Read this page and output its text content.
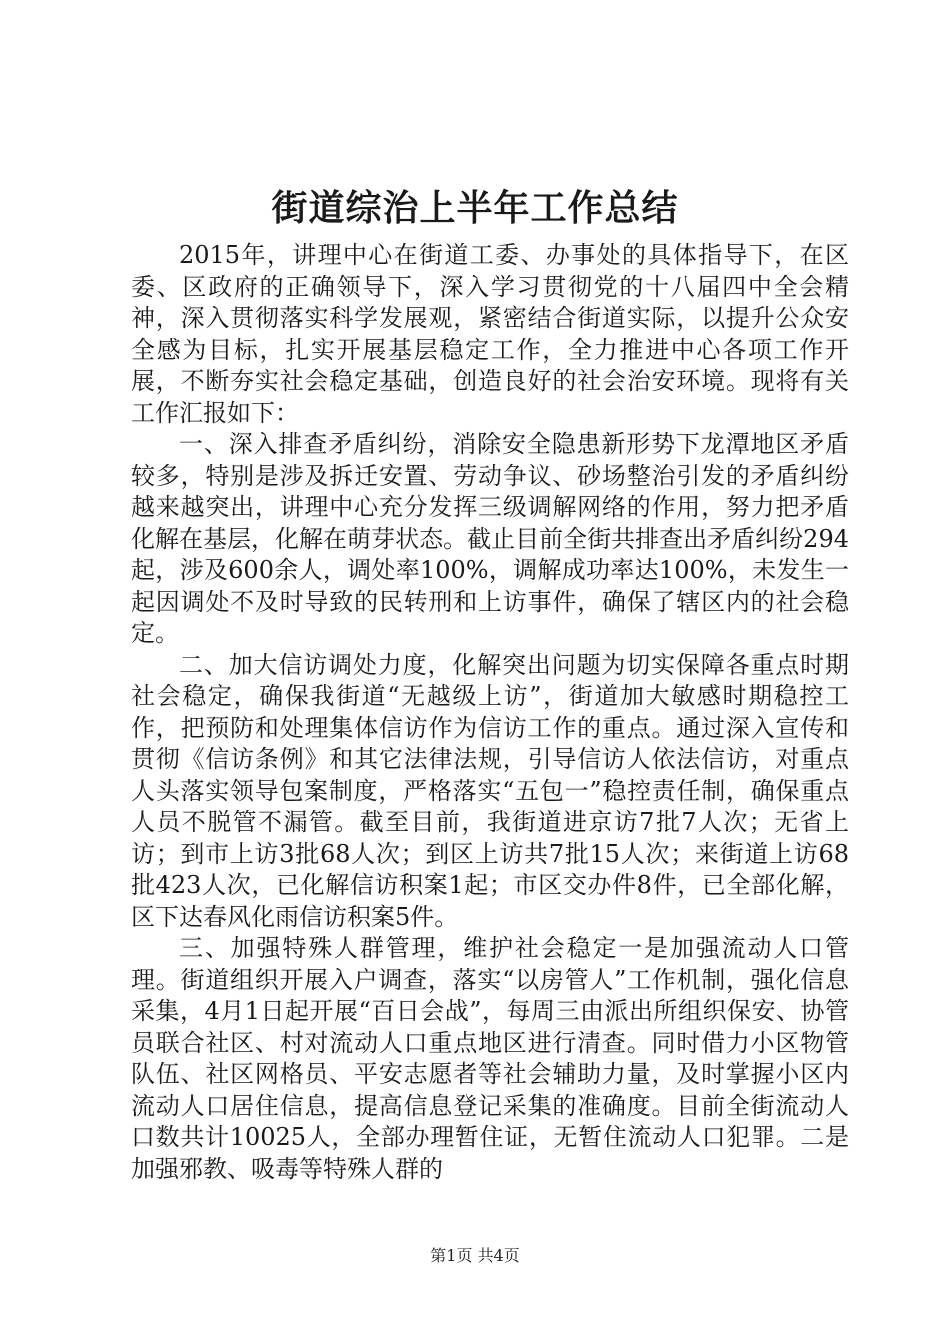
街道综治上半年工作总结

2015年，讲理中心在街道工委、办事处的具体指导下，在区委、区政府的正确领导下，深入学习贯彻党的十八届四中全会精神，深入贯彻落实科学发展观，紧密结合街道实际，以提升公众安全感为目标，扎实开展基层稳定工作，全力推进中心各项工作开展，不断夯实社会稳定基础，创造良好的社会治安环境。现将有关工作汇报如下：

一、深入排查矛盾纠纷，消除安全隐患新形势下龙潭地区矛盾较多，特别是涉及拆迁安置、劳动争议、砂场整治引发的矛盾纠纷越来越突出，讲理中心充分发挥三级调解网络的作用，努力把矛盾化解在基层，化解在萌芽状态。截止目前全街共排查出矛盾纠纷294起，涉及600余人，调处率100%，调解成功率达100%，未发生一起因调处不及时导致的民转刑和上访事件，确保了辖区内的社会稳定。

二、加大信访调处力度，化解突出问题为切实保障各重点时期社会稳定，确保我街道“无越级上访”，街道加大敏感时期稳控工作，把预防和处理集体信访作为信访工作的重点。通过深入宣传和贯彻《信访条例》和其它法律法规，引导信访人依法信访，对重点人头落实领导包案制度，严格落实“五包一”稳控责任制，确保重点人员不脱管不漏管。截至目前，我街道进京访7批7人次；无省上访；到市上访3批68人次；到区上访共7批15人次；来街道上访68批423人次，已化解信访积案1起；市区交办件8件，已全部化解，区下达春风化雨信访积案5件。

三、加强特殊人群管理，维护社会稳定一是加强流动人口管理。街道组织开展入户调查，落实“以房管人”工作机制，强化信息采集，4月1日起开展“百日会战”，每周三由派出所组织保安、协管员联合社区、村对流动人口重点地区进行清查。同时借力小区物管队伍、社区网格员、平安志愿者等社会辅助力量，及时掌握小区内流动人口居住信息，提高信息登记采集的准确度。目前全街流动人口数共计10025人，全部办理暂住证，无暂住流动人口犯罪。二是加强邪教、吸毒等特殊人群的

第1页 共4页
